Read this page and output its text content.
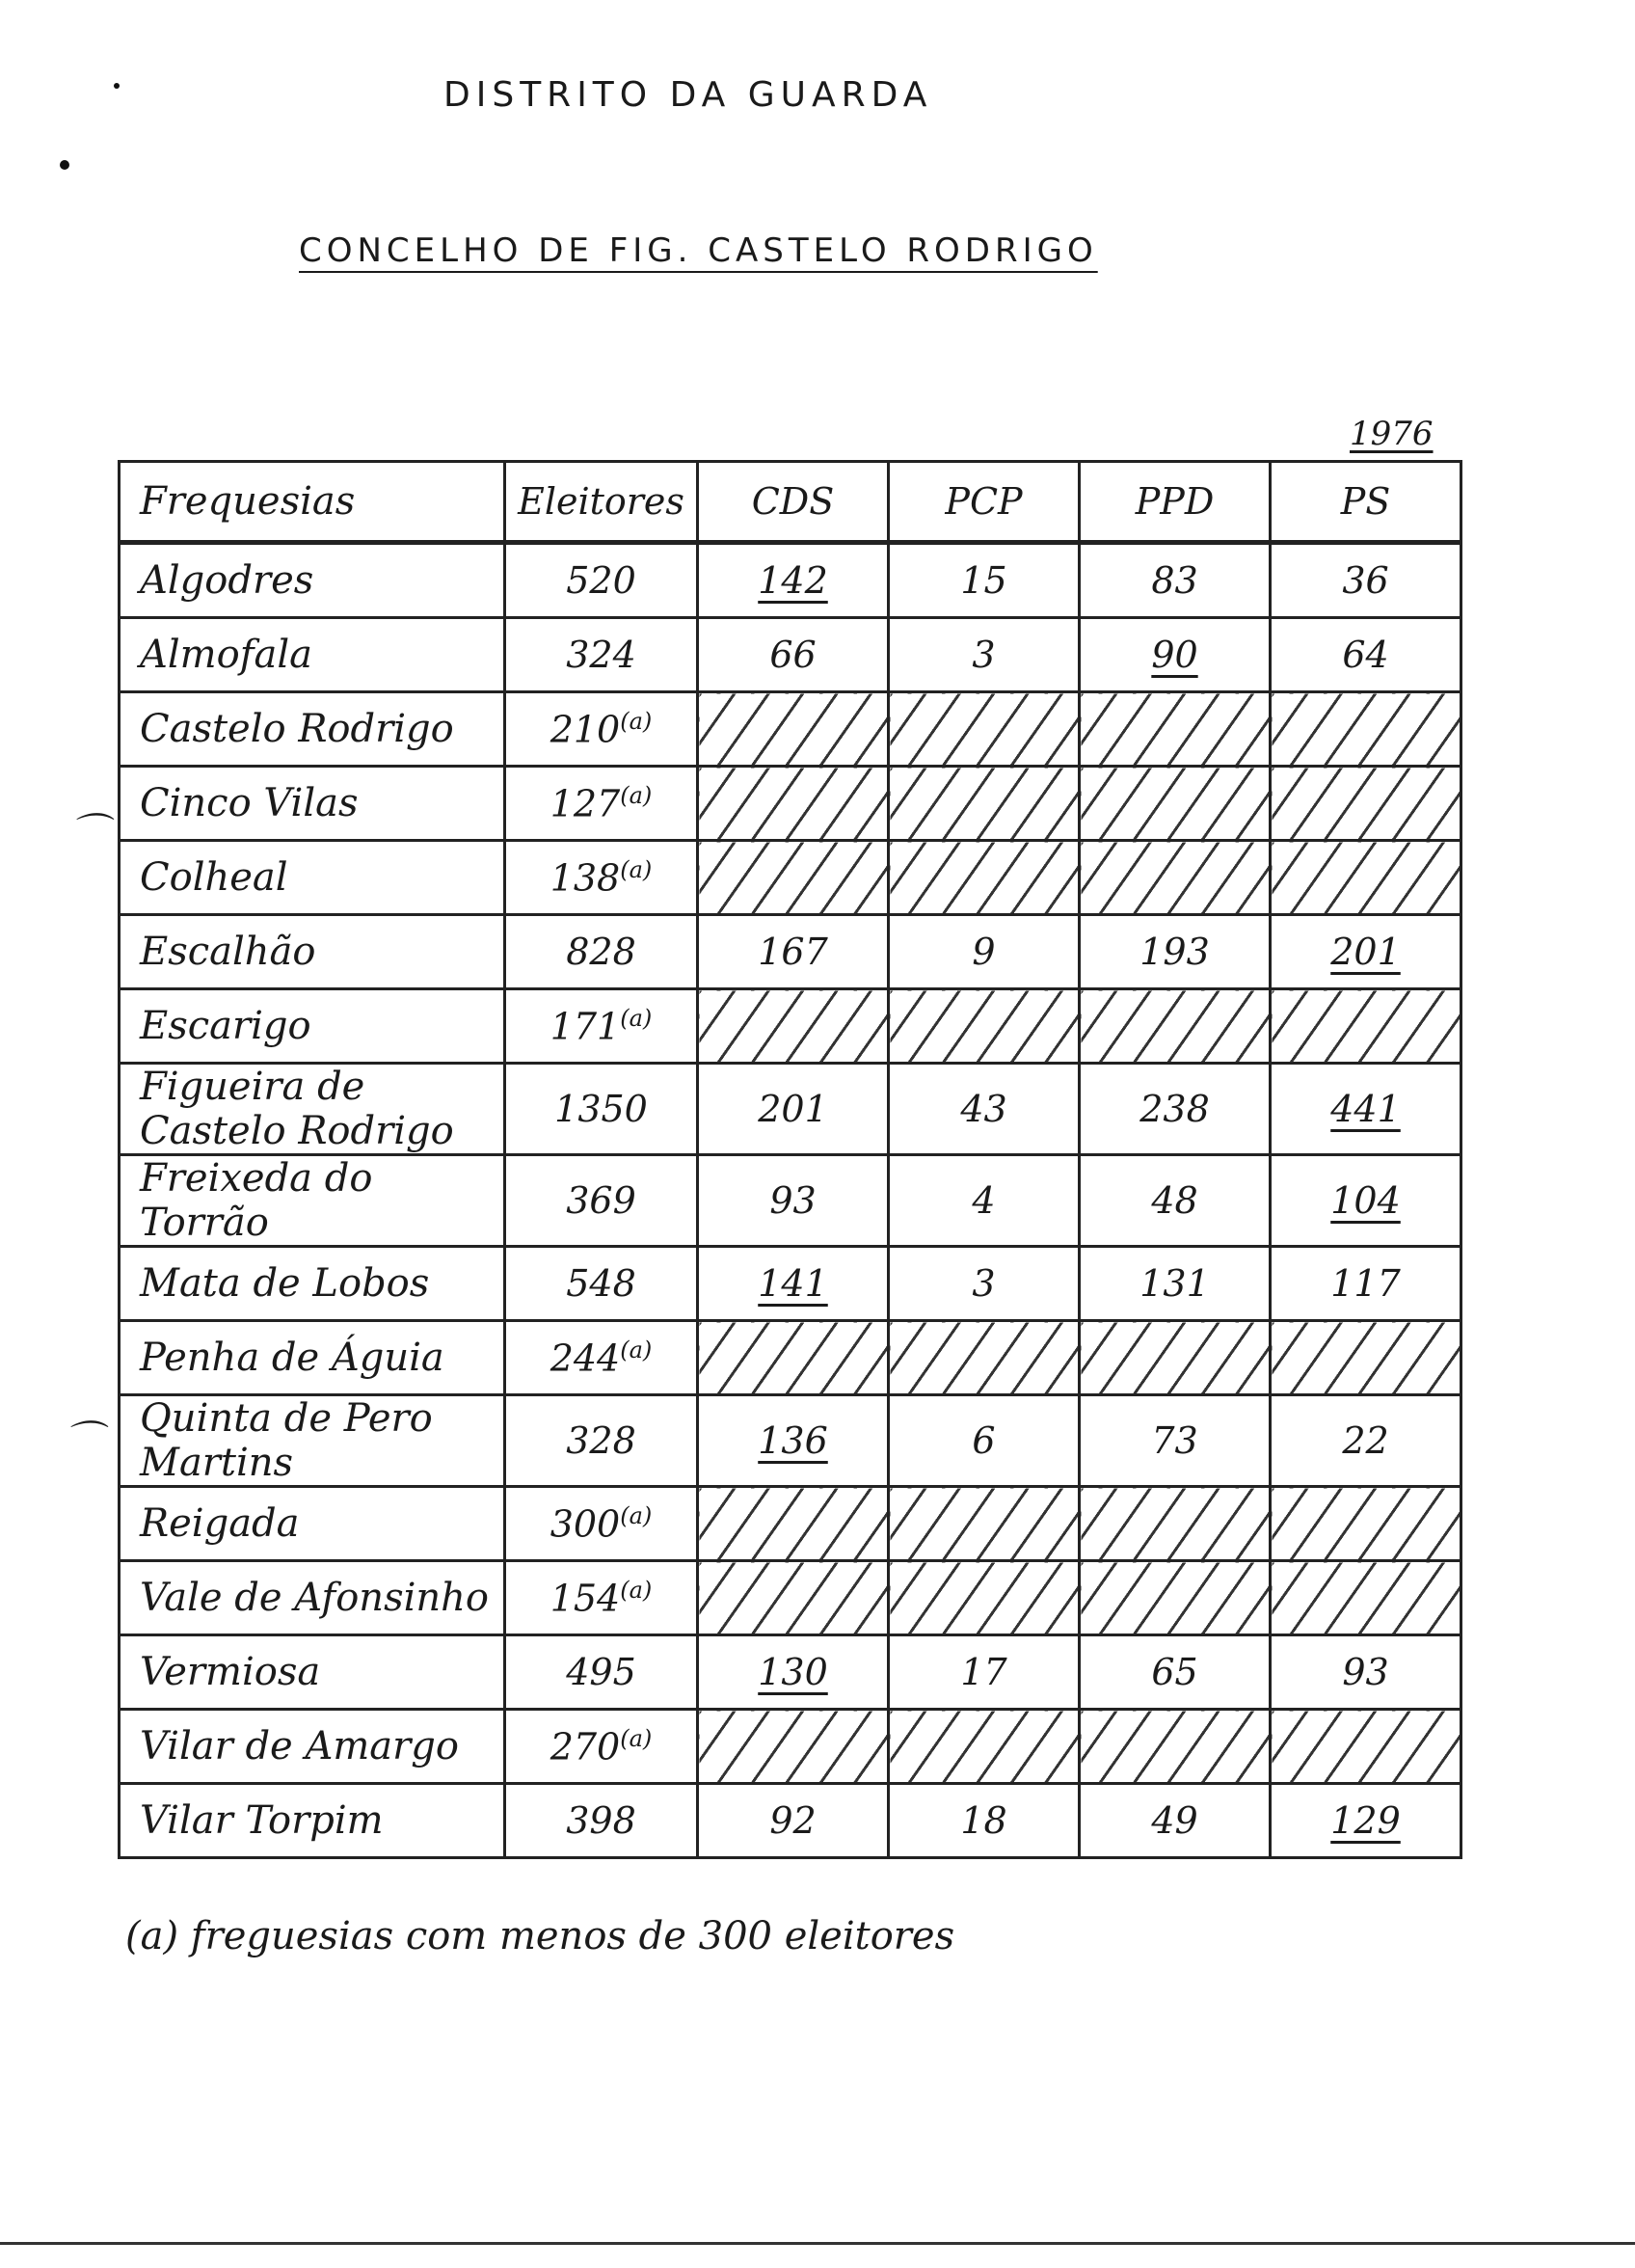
DISTRITO DA GUARDA
CONCELHO DE FIG. CASTELO RODRIGO
1976
Frequesias	Eleitores	CDS	PCP	PPD	PS
Algodres	520	142	15	83	36
Almofala	324	66	3	90	64
Castelo Rodrigo	210$^{(a)}$				
Cinco Vilas	127$^{(a)}$				
Colheal	138$^{(a)}$				
Escalhão	828	167	9	193	201
Escarigo	171$^{(a)}$				
Figueira de Castelo Rodrigo	1350	201	43	238	441
Freixeda do Torrão	369	93	4	48	104
Mata de Lobos	548	141	3	131	117
Penha de Águia	244$^{(a)}$				
Quinta de Pero Martins	328	136	6	73	22
Reigada	300$^{(a)}$				
Vale de Afonsinho	154$^{(a)}$				
Vermiosa	495	130	17	65	93
Vilar de Amargo	270$^{(a)}$				
Vilar Torpim	398	92	18	49	129
⌒
⌒
(a) freguesias com menos de 300 eleitores
